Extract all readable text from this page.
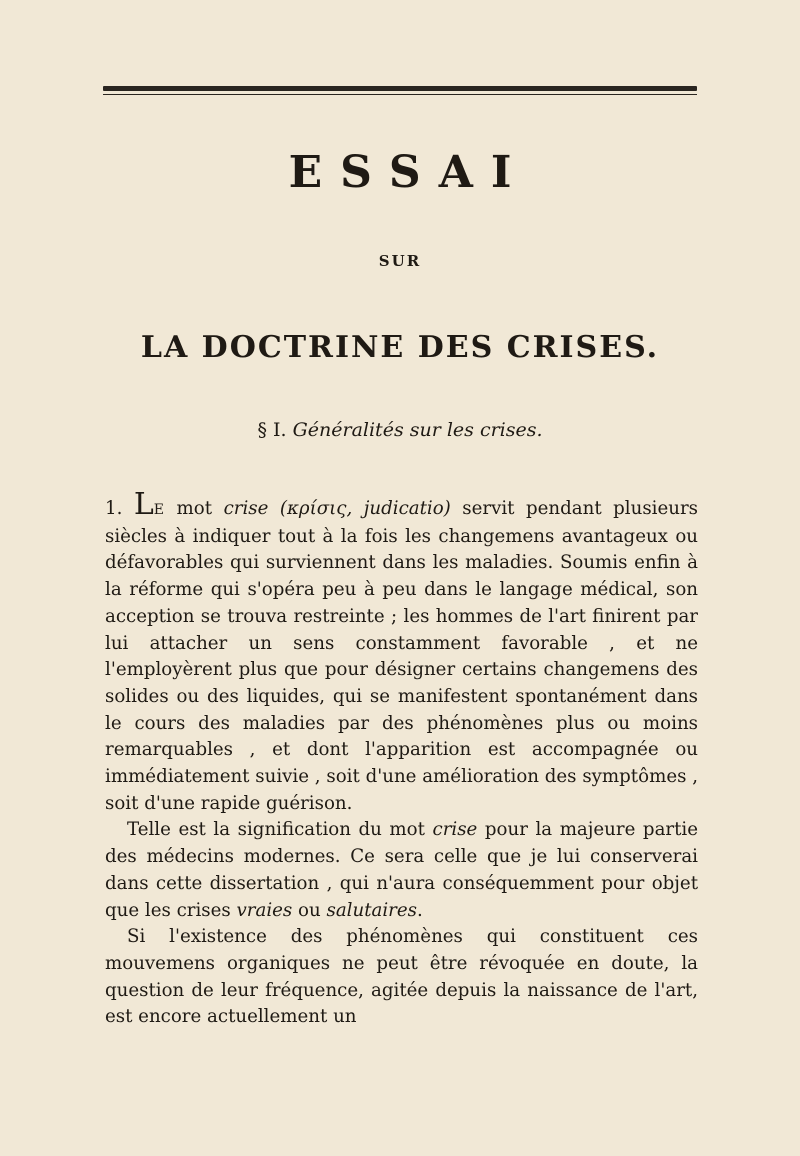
ESSAI
SUR
LA DOCTRINE DES CRISES.
§ I. Généralités sur les crises.

1. LE mot crise (κρίσις, judicatio) servit pendant plusieurs siècles à indiquer tout à la fois les changemens avantageux ou défavorables qui surviennent dans les maladies. Soumis enfin à la réforme qui s'opéra peu à peu dans le langage médical, son acception se trouva restreinte ; les hommes de l'art finirent par lui attacher un sens constamment favorable , et ne l'employèrent plus que pour désigner certains changemens des solides ou des liquides, qui se manifestent spontanément dans le cours des maladies par des phénomènes plus ou moins remarquables , et dont l'apparition est accompagnée ou immédiatement suivie , soit d'une amélioration des symptômes , soit d'une rapide guérison.

Telle est la signification du mot crise pour la majeure partie des médecins modernes. Ce sera celle que je lui conserverai dans cette dissertation , qui n'aura conséquemment pour objet que les crises vraies ou salutaires.

Si l'existence des phénomènes qui constituent ces mouvemens organiques ne peut être révoquée en doute, la question de leur fréquence, agitée depuis la naissance de l'art, est encore actuellement un
